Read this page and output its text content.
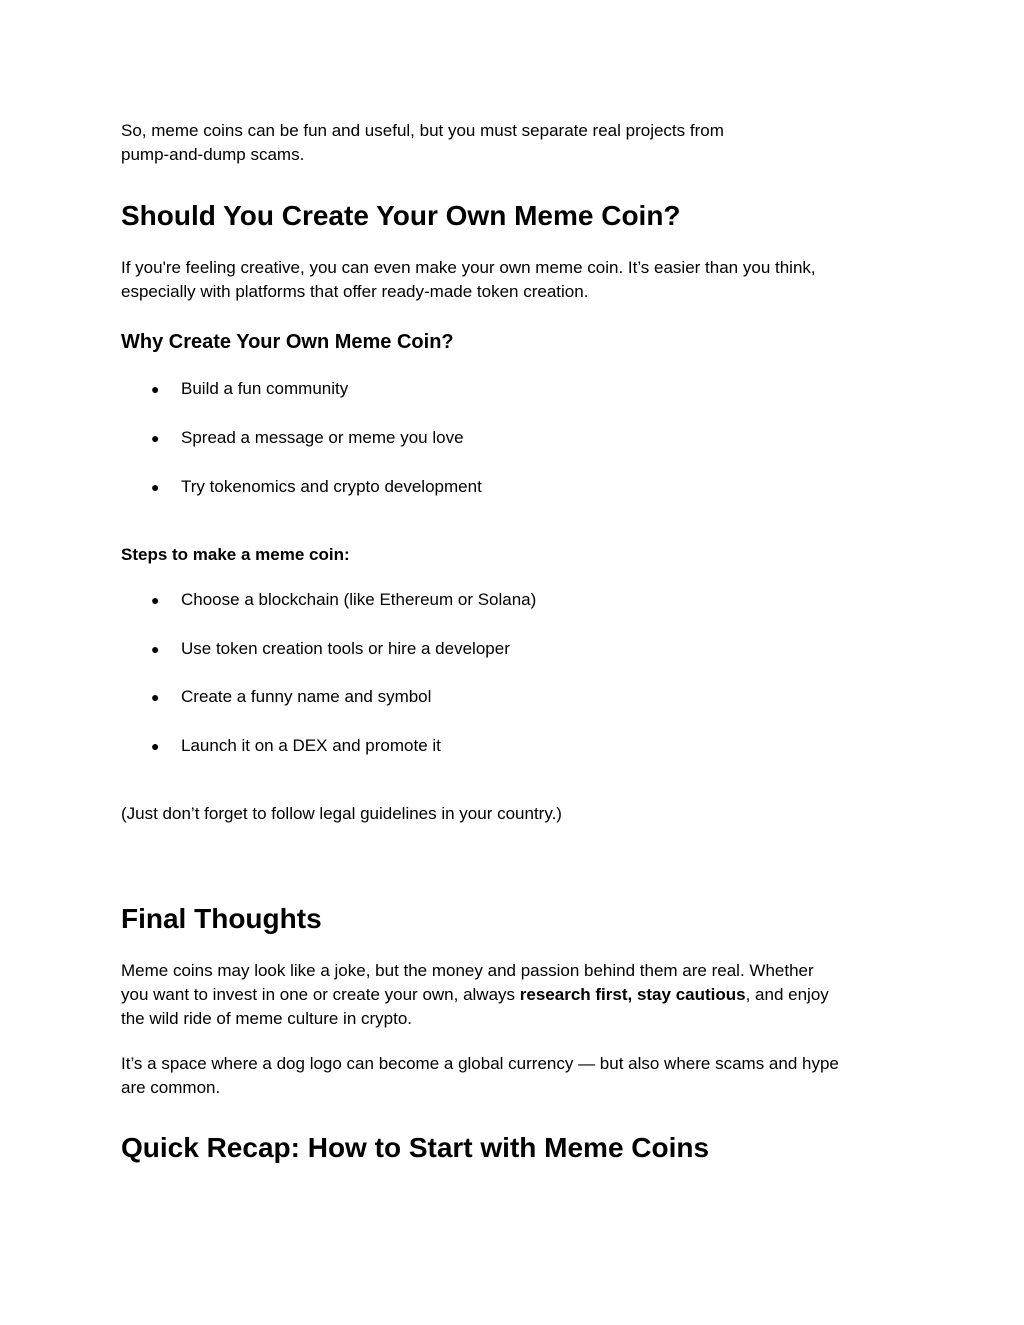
So, meme coins can be fun and useful, but you must separate real projects from
pump-and-dump scams.
Should You Create Your Own Meme Coin?
If you're feeling creative, you can even make your own meme coin. It’s easier than you think,
especially with platforms that offer ready-made token creation.
Why Create Your Own Meme Coin?
● Build a fun community
● Spread a message or meme you love
● Try tokenomics and crypto development
Steps to make a meme coin:
● Choose a blockchain (like Ethereum or Solana)
● Use token creation tools or hire a developer
● Create a funny name and symbol
● Launch it on a DEX and promote it
(Just don’t forget to follow legal guidelines in your country.)
Final Thoughts
Meme coins may look like a joke, but the money and passion behind them are real. Whether
you want to invest in one or create your own, always research first, stay cautious, and enjoy
the wild ride of meme culture in crypto.
It’s a space where a dog logo can become a global currency — but also where scams and hype
are common.
Quick Recap: How to Start with Meme Coins
